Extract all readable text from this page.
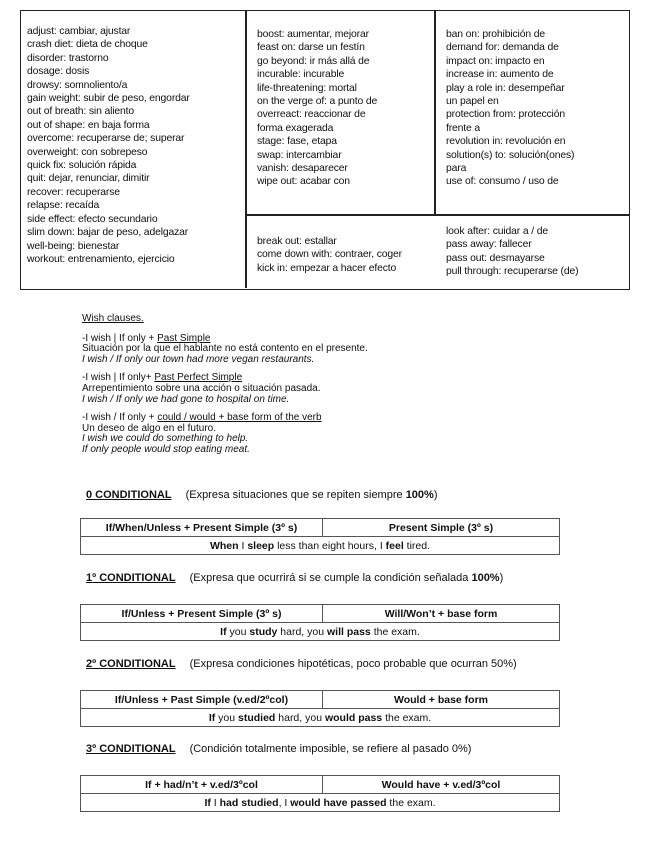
adjust: cambiar, ajustar
crash diet: dieta de choque
disorder: trastorno
dosage: dosis
drowsy: somnoliento/a
gain weight: subir de peso, engordar
out of breath: sin aliento
out of shape: en baja forma
overcome: recuperarse de; superar
overweight: con sobrepeso
quick fix: solución rápida
quit: dejar, renunciar, dimitir
recover: recuperarse
relapse: recaída
side effect: efecto secundario
slim down: bajar de peso, adelgazar
well-being: bienestar
workout: entrenamiento, ejercicio
boost: aumentar, mejorar
feast on: darse un festín
go beyond: ir más allá de
incurable: incurable
life-threatening: mortal
on the verge of: a punto de
overreact: reaccionar de
forma exagerada
stage: fase, etapa
swap: intercambiar
vanish: desaparecer
wipe out: acabar con
break out: estallar
come down with: contraer, coger
kick in: empezar a hacer efecto
ban on: prohibición de
demand for: demanda de
impact on: impacto en
increase in: aumento de
play a role in: desempeñar
un papel en
protection from: protección
frente a
revolution in: revolución en
solution(s) to: solución(ones)
para
use of: consumo / uso de
look after: cuidar a / de
pass away: fallecer
pass out: desmayarse
pull through: recuperarse (de)
Wish clauses.
-I wish | If only + Past Simple
Situación por la que el hablante no está contento en el presente.
I wish / If only our town had more vegan restaurants.
-I wish | If only+ Past Perfect Simple
Arrepentimiento sobre una acción o situación pasada.
I wish / If only we had gone to hospital on time.
-I wish / If only + could / would + base form of the verb
Un deseo de algo en el futuro.
I wish we could do something to help.
If only people would stop eating meat.
0 CONDITIONAL (Expresa situaciones que se repiten siempre 100%)
If/When/Unless + Present Simple (3º s)	Present Simple (3º s)
When I sleep less than eight hours, I feel tired.
1º CONDITIONAL (Expresa que ocurrirá si se cumple la condición señalada 100%)
If/Unless + Present Simple (3º s)	Will/Won’t + base form
If you study hard, you will pass the exam.
2º CONDITIONAL (Expresa condiciones hipotéticas, poco probable que ocurran 50%)
If/Unless + Past Simple (v.ed/2ºcol)	Would + base form
If you studied hard, you would pass the exam.
3º CONDITIONAL (Condición totalmente imposible, se refiere al pasado 0%)
If + had/n’t + v.ed/3ºcol	Would have + v.ed/3ºcol
If I had studied , I would have passed the exam.
